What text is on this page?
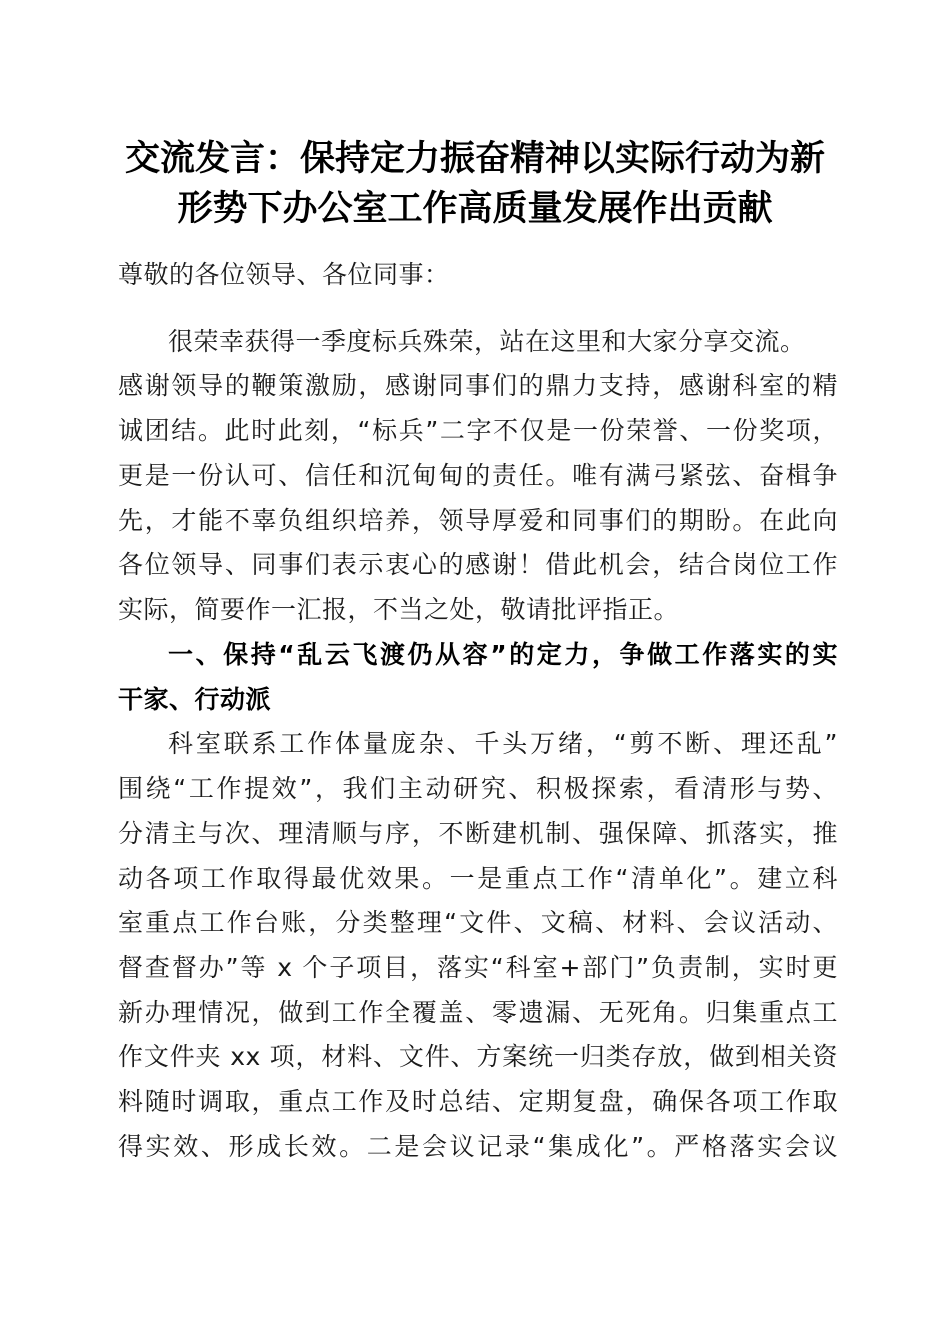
交流发言：保持定力振奋精神以实际行动为新
形势下办公室工作高质量发展作出贡献
尊敬的各位领导、各位同事：
很荣幸获得一季度标兵殊荣，站在这里和大家分享交流。
感谢领导的鞭策激励，感谢同事们的鼎力支持，感谢科室的精
诚团结。此时此刻，“标兵”二字不仅是一份荣誉、一份奖项，
更是一份认可、信任和沉甸甸的责任。唯有满弓紧弦、奋楫争
先，才能不辜负组织培养，领导厚爱和同事们的期盼。在此向
各位领导、同事们表示衷心的感谢！借此机会，结合岗位工作
实际，简要作一汇报，不当之处，敬请批评指正。
一、保持“乱云飞渡仍从容”的定力，争做工作落实的实
干家、行动派
科室联系工作体量庞杂、千头万绪，“剪不断、理还乱”
围绕“工作提效”，我们主动研究、积极探索，看清形与势、
分清主与次、理清顺与序，不断建机制、强保障、抓落实，推
动各项工作取得最优效果。一是重点工作“清单化”。建立科
室重点工作台账，分类整理“文件、文稿、材料、会议活动、
督查督办”等 x 个子项目，落实“科室+部门”负责制，实时更
新办理情况，做到工作全覆盖、零遗漏、无死角。归集重点工
作文件夹 xx 项，材料、文件、方案统一归类存放，做到相关资
料随时调取，重点工作及时总结、定期复盘，确保各项工作取
得实效、形成长效。二是会议记录“集成化”。严格落实会议
